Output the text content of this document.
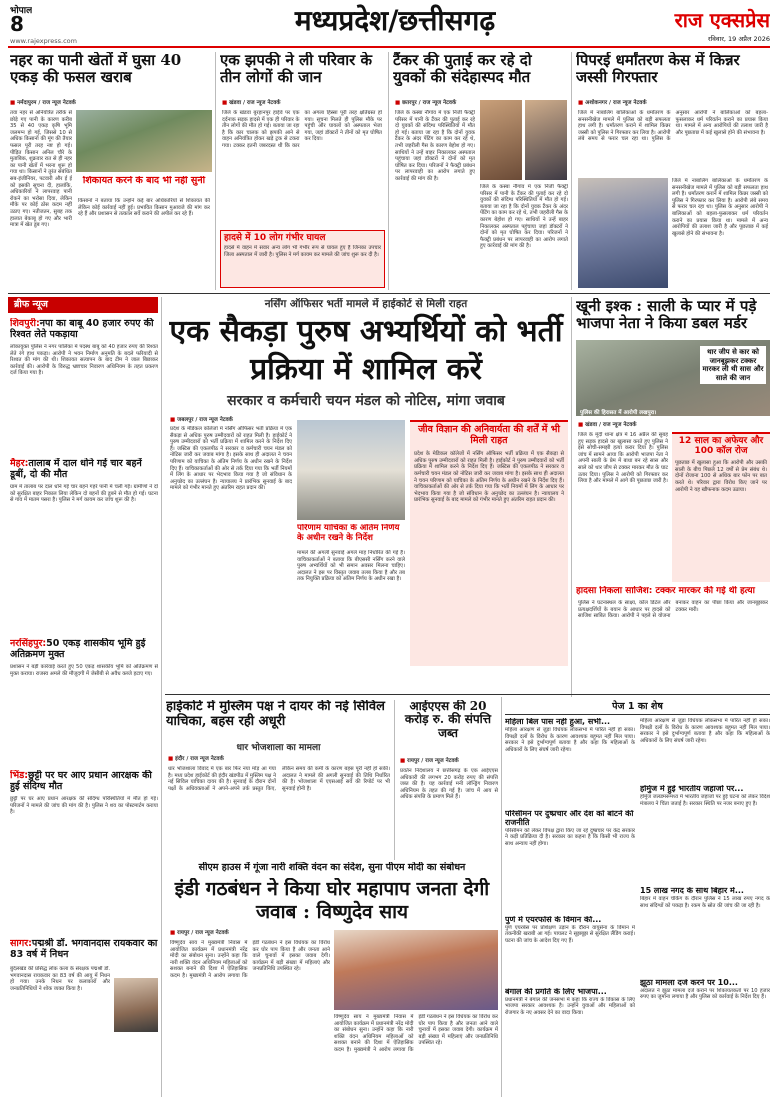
भोपाल
8
www.rajexpress.com
मध्यप्रदेश/छत्तीसगढ़	राज एक्सप्रेस
रविवार, 19 अप्रैल 2026
नहर का पानी खेतों में घुसा 40 एकड़ की फसल खराब
■ नर्मदापुरम / राज न्यूज नेटवर्क
तवा नहर से अनियंत्रित तरीके से छोड़े गए पानी के कारण करीब 35 से 40 एकड़ कृषि भूमि जलमग्न हो गई, जिससे 10 से अधिक किसानों की मूंग की तैयार फसल पूरी तरह नष्ट हो गई। पीड़ित किसान अनिल चौरे के मुताबिक, शुक्रवार रात से ही नहर का पानी खेतों में भरना शुरू हो गया था। किसानों ने तुरंत संबंधित सब-इंजीनियर, पटवारी और ई ई को इसकी सूचना दी, हालांकि, अधिकारियों ने लापरवाह पानी रोकने का भरोसा दिया, लेकिन मौके पर कोई ठोस कदम नहीं उठाए गए। नतीजतन, सुबह तक हालात बेकाबू हो गए और भारी मात्रा में खेत डूब गए।
शिकायत करने के बाद भी नहीं सुनी
किसानों ने बताया कि उन्होंने कई बार अधिकारियों से शिकायत की लेकिन कोई कार्रवाई नहीं हुई। प्रभावित किसान मुआवजे की मांग कर रहे हैं और प्रशासन से तत्काल सर्वे कराने की अपील कर रहे हैं।
एक झपकी ने ली परिवार के तीन लोगों की जान
■ खंडवा / राज न्यूज नेटवर्क
जिले के खंडवा बुरहानपुर हाईवे पर एक दर्दनाक सड़क हादसे में एक ही परिवार के तीन लोगों की मौत हो गई। बताया जा रहा है कि कार चालक को झपकी आने से वाहन अनियंत्रित होकर खड़े ट्रक से टकरा गया। टक्कर इतनी जबरदस्त थी कि कार का अगला हिस्सा पूरी तरह क्षतिग्रस्त हो गया। सूचना मिलते ही पुलिस मौके पर पहुंची और घायलों को अस्पताल भेजा गया, जहां डॉक्टरों ने तीनों को मृत घोषित कर दिया।
हादसे में 10 लोग गंभीर घायल
हादसे में वाहन में सवार अन्य लोग भी गंभीर रूप से घायल हुए हैं जिनका उपचार जिला अस्पताल में जारी है। पुलिस ने मर्ग कायम कर मामले की जांच शुरू कर दी है।
टैंकर की पुताई कर रहे दो युवकों की संदेहास्पद मौत
■ छतरपुर / राज न्यूज नेटवर्क
जिले के कस्बा नौगांव में एक निजी फैक्ट्री परिसर में पानी के टैंकर की पुताई कर रहे दो युवकों की संदिग्ध परिस्थितियों में मौत हो गई। बताया जा रहा है कि दोनों युवक टैंकर के अंदर पेंटिंग का काम कर रहे थे, तभी जहरीली गैस के कारण बेहोश हो गए। साथियों ने उन्हें बाहर निकालकर अस्पताल पहुंचाया जहां डॉक्टरों ने दोनों को मृत घोषित कर दिया। परिजनों ने फैक्ट्री प्रबंधन पर लापरवाही का आरोप लगाते हुए कार्रवाई की मांग की है।
जिले के कस्बा नौगांव में एक निजी फैक्ट्री परिसर में पानी के टैंकर की पुताई कर रहे दो युवकों की संदिग्ध परिस्थितियों में मौत हो गई। बताया जा रहा है कि दोनों युवक टैंकर के अंदर पेंटिंग का काम कर रहे थे, तभी जहरीली गैस के कारण बेहोश हो गए। साथियों ने उन्हें बाहर निकालकर अस्पताल पहुंचाया जहां डॉक्टरों ने दोनों को मृत घोषित कर दिया। परिजनों ने फैक्ट्री प्रबंधन पर लापरवाही का आरोप लगाते हुए कार्रवाई की मांग की है।
पिपरई धर्मांतरण केस में किन्नर जस्सी गिरफ्तार
■ अशोकनगर / राज न्यूज नेटवर्क
जिले में नाबालिग बालिकाओं के धर्मांतरण के सनसनीखेज मामले में पुलिस को बड़ी सफलता हाथ लगी है। धर्मांतरण कराने में शामिल किन्नर जस्सी को पुलिस ने गिरफ्तार कर लिया है। आरोपी लंबे समय से फरार चल रहा था। पुलिस के अनुसार आरोपी ने बालिकाओं को बहला-फुसलाकर धर्म परिवर्तन कराने का प्रयास किया था। मामले में अन्य आरोपियों की तलाश जारी है और पूछताछ में कई खुलासे होने की संभावना है।
जिले में नाबालिग बालिकाओं के धर्मांतरण के सनसनीखेज मामले में पुलिस को बड़ी सफलता हाथ लगी है। धर्मांतरण कराने में शामिल किन्नर जस्सी को पुलिस ने गिरफ्तार कर लिया है। आरोपी लंबे समय से फरार चल रहा था। पुलिस के अनुसार आरोपी ने बालिकाओं को बहला-फुसलाकर धर्म परिवर्तन कराने का प्रयास किया था। मामले में अन्य आरोपियों की तलाश जारी है और पूछताछ में कई खुलासे होने की संभावना है।
ब्रीफ न्यूज
शिवपुरी:नपा का बाबू 40 हजार रुपए की रिश्वत लेते पकड़ाया
लोकायुक्त पुलिस ने नगर पालिका में पदस्थ बाबू को 40 हजार रुपए की रिश्वत लेते रंगे हाथ पकड़ा। आरोपी ने भवन निर्माण अनुमति के बदले फरियादी से रिश्वत की मांग की थी। शिकायत सत्यापन के बाद टीम ने जाल बिछाकर कार्रवाई की। आरोपी के विरुद्ध भ्रष्टाचार निवारण अधिनियम के तहत प्रकरण दर्ज किया गया है।
मैहर:तालाब में दाल धोने गई चार बहनें डूबीं, दो की मौत
ग्राम में तालाब पर दाल धोने गई चार बहनें गहरे पानी में चली गईं। ग्रामीणों ने दो को सुरक्षित बाहर निकाल लिया लेकिन दो बहनों की डूबने से मौत हो गई। घटना से गांव में मातम पसरा है। पुलिस ने मर्ग कायम कर जांच शुरू की है।
नरसिंहपुर:50 एकड़ शासकीय भूमि हुई अतिक्रमण मुक्त
प्रशासन ने बड़ी कार्रवाई करते हुए 50 एकड़ शासकीय भूमि को अतिक्रमण से मुक्त कराया। राजस्व अमले की मौजूदगी में जेसीबी से अवैध कब्जे हटाए गए।
भिंड:छुट्टी पर घर आए प्रधान आरक्षक की हुई संदिग्ध मौत
छुट्टी पर घर आए प्रधान आरक्षक की संदिग्ध परिस्थितियों में मौत हो गई। परिजनों ने मामले की जांच की मांग की है। पुलिस ने शव का पोस्टमार्टम कराया है।
सागर:पद्मश्री डॉ. भगवानदास रायकवार का 83 वर्ष में निधन
बुंदेलखंड की प्रसिद्ध लोक कला के संरक्षक पद्मश्री डॉ. भगवानदास रायकवार का 83 वर्ष की आयु में निधन हो गया। उनके निधन पर कलाकारों और जनप्रतिनिधियों ने शोक व्यक्त किया है।
नर्सिंग ऑफिसर भर्ती मामले में हाईकोर्ट से मिली राहत
एक सैकड़ा पुरुष अभ्यर्थियों को भर्ती प्रक्रिया में शामिल करें
सरकार व कर्मचारी चयन मंडल को नोटिस, मांगा जवाब
■ जबलपुर / राज न्यूज नेटवर्क
प्रदेश के मेडिकल कॉलेजों में नर्सिंग ऑफिसर भर्ती प्रक्रिया में एक सैकड़ा से अधिक पुरुष उम्मीदवारों को राहत मिली है। हाईकोर्ट ने पुरुष उम्मीदवारों को भर्ती प्रक्रिया में शामिल करने के निर्देश दिए हैं। जस्टिस की एकलपीठ ने सरकार व कर्मचारी चयन मंडल को नोटिस जारी कर जवाब मांगा है। इसके साथ ही अदालत ने चयन परिणाम को याचिका के अंतिम निर्णय के अधीन रखने के निर्देश दिए हैं। याचिकाकर्ताओं की ओर से तर्क दिया गया कि भर्ती नियमों में लिंग के आधार पर भेदभाव किया गया है जो संविधान के अनुच्छेद का उल्लंघन है। न्यायालय ने प्रारंभिक सुनवाई के बाद मामले को गंभीर मानते हुए अंतरिम राहत प्रदान की।
परिणाम याचिका के अंतिम निर्णय के अधीन रखने के निर्देश
मामले की अगली सुनवाई अगले माह निर्धारित की गई है। याचिकाकर्ताओं ने बताया कि बीएससी नर्सिंग करने वाले पुरुष अभ्यर्थियों को भी समान अवसर मिलना चाहिए। अदालत ने इस पर विस्तृत जवाब तलब किया है और तब तक नियुक्ति प्रक्रिया को अंतिम निर्णय के अधीन रखा है।
जीव विज्ञान की अनिवार्यता की शर्तें में भी मिली राहत
प्रदेश के मेडिकल कॉलेजों में नर्सिंग ऑफिसर भर्ती प्रक्रिया में एक सैकड़ा से अधिक पुरुष उम्मीदवारों को राहत मिली है। हाईकोर्ट ने पुरुष उम्मीदवारों को भर्ती प्रक्रिया में शामिल करने के निर्देश दिए हैं। जस्टिस की एकलपीठ ने सरकार व कर्मचारी चयन मंडल को नोटिस जारी कर जवाब मांगा है। इसके साथ ही अदालत ने चयन परिणाम को याचिका के अंतिम निर्णय के अधीन रखने के निर्देश दिए हैं। याचिकाकर्ताओं की ओर से तर्क दिया गया कि भर्ती नियमों में लिंग के आधार पर भेदभाव किया गया है जो संविधान के अनुच्छेद का उल्लंघन है। न्यायालय ने प्रारंभिक सुनवाई के बाद मामले को गंभीर मानते हुए अंतरिम राहत प्रदान की।
खूनी इश्क : साली के प्यार में पड़े भाजपा नेता ने किया डबल मर्डर
थार जीप से कार को जानबूझकर टक्कर मारकर ली थी सास और साले की जान
पुलिस की हिरासत में आरोपी लखपुरा।
■ खंडवा / राज न्यूज नेटवर्क
जिले के मूंदी थाना क्षेत्र में 16 अप्रैल की सुबह हुए सड़क हादसे का खुलासा करते हुए पुलिस ने इसे सोची-समझी हत्या करार दिया है। पुलिस जांच में सामने आया कि आरोपी भाजपा नेता ने अपनी साली के प्रेम में बाधा बन रहे सास और साले को थार जीप से टक्कर मारकर मौत के घाट उतार दिया। पुलिस ने आरोपी को गिरफ्तार कर लिया है और मामले में आगे की पूछताछ जारी है।
12 साल का अफेयर और 100 कॉल रोज
पूछताछ में खुलासा हुआ कि आरोपी और उसकी साली के बीच पिछले 12 वर्षों से प्रेम संबंध थे। दोनों रोजाना 100 से अधिक बार फोन पर बात करते थे। परिवार द्वारा विरोध किए जाने पर आरोपी ने यह खौफनाक कदम उठाया।
हादसा निकला साजिश: टक्कर मारकर की गई थी हत्या
पुलिस ने घटनास्थल के साक्ष्य, कॉल डिटेल और प्रत्यक्षदर्शियों के बयान के आधार पर हादसे को साजिश साबित किया। आरोपी ने पहले से योजना बनाकर वाहन का पीछा किया और जानबूझकर टक्कर मारी।
हाईकोर्ट में मुस्लिम पक्ष ने दायर की नई सिविल याचिका, बहस रही अधूरी
धार भोजशाला का मामला
■ इंदौर / राज न्यूज नेटवर्क
धार भोजशाला विवाद में एक बार फिर नया मोड़ आ गया है। मध्य प्रदेश हाईकोर्ट की इंदौर खंडपीठ में मुस्लिम पक्ष ने नई सिविल याचिका दायर की है। सुनवाई के दौरान दोनों पक्षों के अधिवक्ताओं ने अपने-अपने तर्क प्रस्तुत किए, लेकिन समय की कमी के कारण बहस पूरी नहीं हो सकी। अदालत ने मामले की अगली सुनवाई की तिथि निर्धारित की है। भोजशाला में एएसआई सर्वे की रिपोर्ट पर भी सुनवाई होनी है।
आईएएस की 20 करोड़ रु. की संपत्ति जब्त
■ रायपुर / राज न्यूज नेटवर्क
प्रवर्तन निदेशालय ने छत्तीसगढ़ के एक आईएएस अधिकारी की लगभग 20 करोड़ रुपए की संपत्ति जब्त की है। यह कार्रवाई मनी लॉन्ड्रिंग निवारण अधिनियम के तहत की गई है। जांच में आय से अधिक संपत्ति के प्रमाण मिले हैं।
सीएम हाउस में गूंजा नारी शक्ति वंदन का संदेश, सुना पीएम मोदी का संबोधन
इंडी गठबंधन ने किया घोर महापाप जनता देगी जवाब : विष्णुदेव साय
■ रायपुर / राज न्यूज नेटवर्क
विष्णुदेव साय ने मुख्यमंत्री निवास में आयोजित कार्यक्रम में प्रधानमंत्री नरेंद्र मोदी का संबोधन सुना। उन्होंने कहा कि नारी शक्ति वंदन अधिनियम महिलाओं को सशक्त बनाने की दिशा में ऐतिहासिक कदम है। मुख्यमंत्री ने आरोप लगाया कि इंडी गठबंधन ने इस विधेयक का विरोध कर घोर पाप किया है और जनता आने वाले चुनावों में इसका जवाब देगी। कार्यक्रम में बड़ी संख्या में महिलाएं और जनप्रतिनिधि उपस्थित रहे।
विष्णुदेव साय ने मुख्यमंत्री निवास में आयोजित कार्यक्रम में प्रधानमंत्री नरेंद्र मोदी का संबोधन सुना। उन्होंने कहा कि नारी शक्ति वंदन अधिनियम महिलाओं को सशक्त बनाने की दिशा में ऐतिहासिक कदम है। मुख्यमंत्री ने आरोप लगाया कि इंडी गठबंधन ने इस विधेयक का विरोध कर घोर पाप किया है और जनता आने वाले चुनावों में इसका जवाब देगी। कार्यक्रम में बड़ी संख्या में महिलाएं और जनप्रतिनिधि उपस्थित रहे।
पेज 1 का शेष
महिला बिल पास नहीं हुआ, सभी...
महिला आरक्षण से जुड़ा विधेयक लोकसभा में पारित नहीं हो सका। विपक्षी दलों के विरोध के कारण आवश्यक बहुमत नहीं मिल पाया। सरकार ने इसे दुर्भाग्यपूर्ण बताया है और कहा कि महिलाओं के अधिकारों के लिए संघर्ष जारी रहेगा।
परिसीमन पर दुष्प्रचार और देश को बांटने की राजनीति
परिसीमन को लेकर विपक्ष द्वारा किए जा रहे दुष्प्रचार पर केंद्र सरकार ने कड़ी प्रतिक्रिया दी है। सरकार का कहना है कि किसी भी राज्य के साथ अन्याय नहीं होगा।
पुणे में एयरफोर्स के विमान की...
पुणे एयरबेस पर प्रशिक्षण उड़ान के दौरान वायुसेना के विमान में तकनीकी खराबी आ गई। पायलट ने सूझबूझ से सुरक्षित लैंडिंग कराई। घटना की जांच के आदेश दिए गए हैं।
बंगाल की प्रगति के लिए भाजपा...
प्रधानमंत्री ने बंगाल की जनसभा में कहा कि राज्य के विकास के लिए भाजपा सरकार आवश्यक है। उन्होंने युवाओं और महिलाओं को रोजगार के नए अवसर देने का वादा किया।
महिला आरक्षण से जुड़ा विधेयक लोकसभा में पारित नहीं हो सका। विपक्षी दलों के विरोध के कारण आवश्यक बहुमत नहीं मिल पाया। सरकार ने इसे दुर्भाग्यपूर्ण बताया है और कहा कि महिलाओं के अधिकारों के लिए संघर्ष जारी रहेगा।
होर्मुज में हुई भारतीय जहाजों पर...
होर्मुज जलडमरूमध्य में भारतीय जहाजों पर हुई घटना को लेकर विदेश मंत्रालय ने चिंता जताई है। सरकार स्थिति पर नजर बनाए हुए है।
15 लाख नगद के साथ बिहार में...
बिहार में वाहन चेकिंग के दौरान पुलिस ने 15 लाख रुपए नगद के साथ संदिग्धों को पकड़ा है। रकम के स्रोत की जांच की जा रही है।
झूठा मामला दर्ज करने पर 10...
अदालत ने झूठा मामला दर्ज कराने पर शिकायतकर्ता पर 10 हजार रुपए का जुर्माना लगाया है और पुलिस को कार्रवाई के निर्देश दिए हैं।
